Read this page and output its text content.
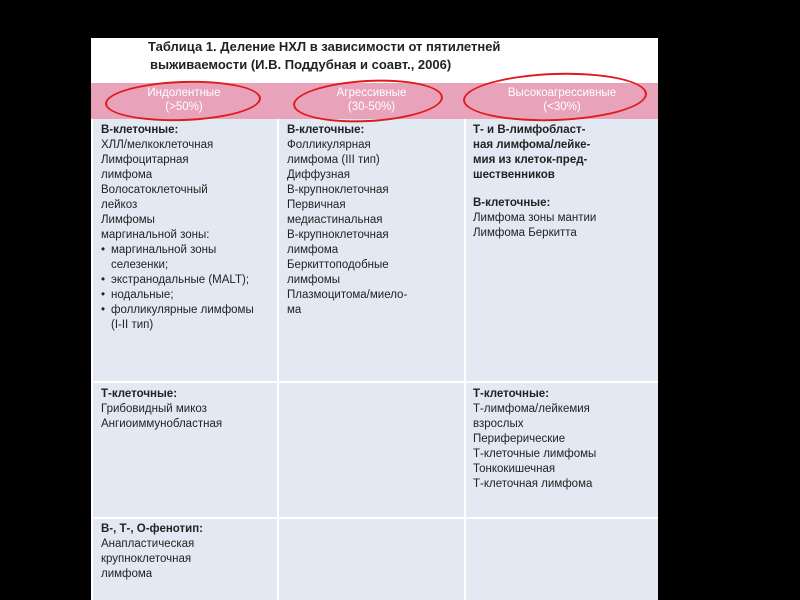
Таблица 1. Деление НХЛ в зависимости от пятилетней
выживаемости (И.В. Поддубная и соавт., 2006)
Индолентные
(>50%)
Агрессивные
(30-50%)
Высокоагрессивные
(<30%)
В-клеточные:
ХЛЛ/мелкоклеточная
Лимфоцитарная
лимфома
Волосатоклеточный
лейкоз
Лимфомы
маргинальной зоны:
• маргинальной зоны селезенки;
• экстранодальные (MALT);
• нодальные;
• фолликулярные лимфомы (I-II тип)
В-клеточные:
Фолликулярная
лимфома (III тип)
Диффузная
В-крупноклеточная
Первичная
медиастинальная
В-крупноклеточная
лимфома
Беркиттоподобные
лимфомы
Плазмоцитома/миело-
ма
Т- и В-лимфобласт-
ная лимфома/лейке-
мия из клеток-пред-
шественников
В-клеточные:
Лимфома зоны мантии
Лимфома Беркитта
Т-клеточные:
Грибовидный микоз
Ангиоиммунобластная
Т-клеточные:
Т-лимфома/лейкемия
взрослых
Периферические
Т-клеточные лимфомы
Тонкокишечная
Т-клеточная лимфома
В-, Т-, О-фенотип:
Анапластическая
крупноклеточная
лимфома
